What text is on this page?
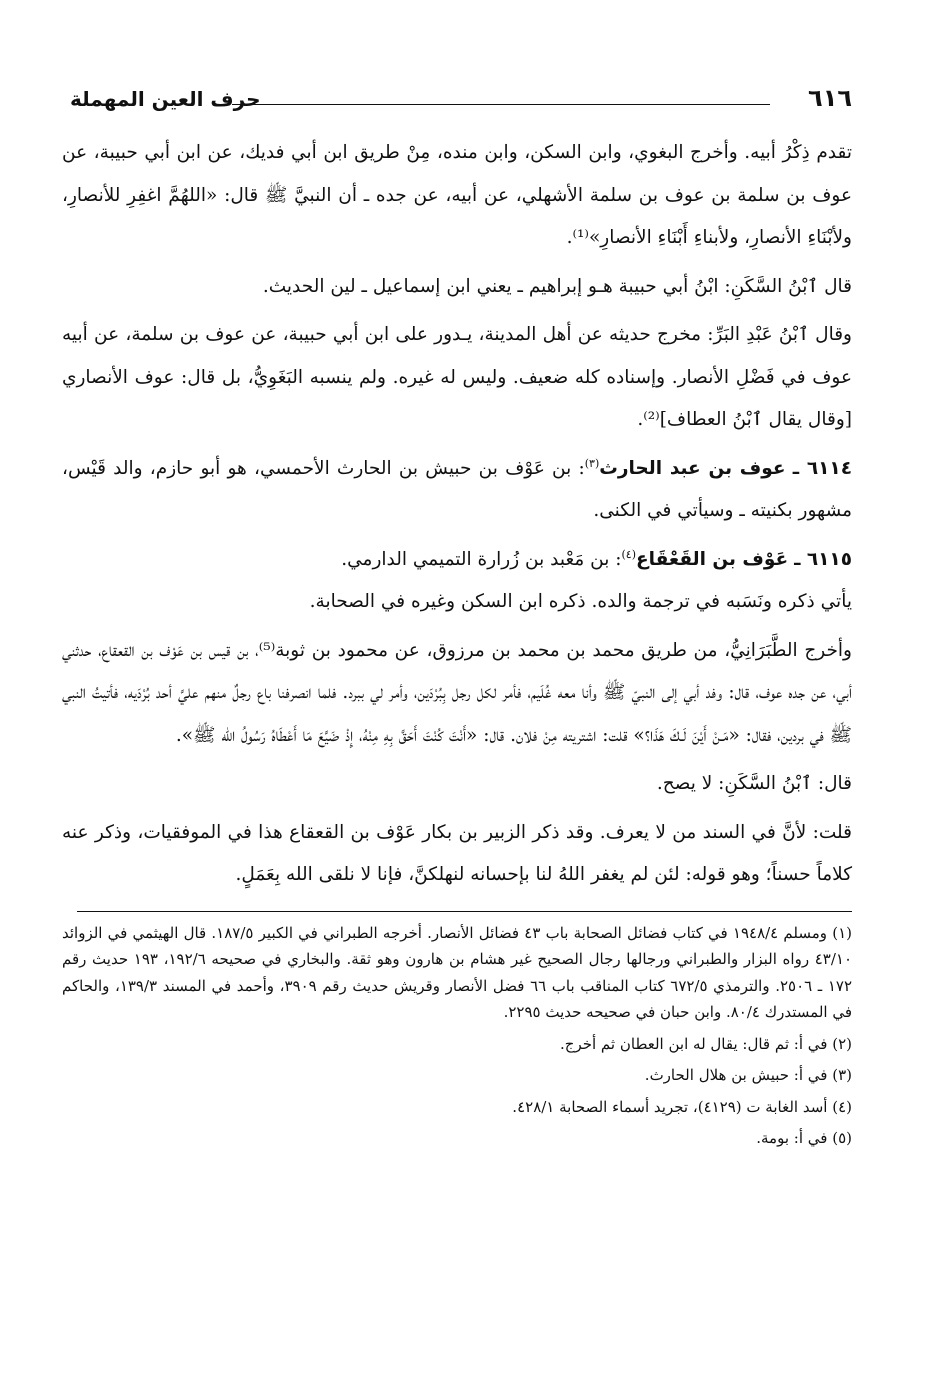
٦١٦
حرف العين المهملة

تقدم ذِكْرُ أبيه. وأخرج البغوي، وابن السكن، وابن منده، مِنْ طريق ابن أبي فديك، عن ابن أبي حبيبة، عن عوف بن سلمة بن عوف بن سلمة الأشهلي، عن أبيه، عن جده ـ أن النبيَّ ﷺ قال: «اللهُمَّ اغفِرِ للأنصارِ، ولأبْنَاءِ الأنصارِ، ولأبناءِ أَبْنَاءِ الأنصارِ»⁽¹⁾.

قال ٱبْنُ السَّكَنِ: ابْنُ أبي حبيبة هـو إبراهيم ـ يعني ابن إسماعيل ـ لين الحديث.

وقال ٱبْنُ عَبْدِ البَرِّ: مخرج حديثه عن أهل المدينة، يـدور على ابن أبي حبيبة، عن عوف بن سلمة، عن أبيه عوف في فَضْلِ الأنصار. وإسناده كله ضعيف. وليس له غيره. ولم ينسبه البَغَوِيُّ، بل قال: عوف الأنصاري [وقال يقال ٱبْنُ العطاف]⁽²⁾.

٦١١٤ ـ عوف بن عبد الحارث$^{(٣)}$: بن عَوْف بن حبيش بن الحارث الأحمسي، هو أبو حازم، والد قَيْس، مشهور بكنيته ـ وسيأتي في الكنى.

٦١١٥ ـ عَوْف بن القَعْقَاع$^{(٤)}$: بن مَعْبد بن زُرارة التميمي الدارمي.

يأتي ذكره ونَسَبه في ترجمة والده. ذكره ابن السكن وغيره في الصحابة.

وأخرج الطَّبَرَانِيُّ، من طريق محمد بن محمد بن مرزوق، عن محمود بن ثوبة⁽⁵⁾، بن قيس بن عَوْف بن القعقاع، حدثني أبي، عن جده عوف، قال: وفد أبي إلى النبيّ ﷺ وأنا معه غُلَيم، فأمر لكل رجل بِبُرْدَين، وأمر لي ببرد. فلما انصرفنا باع رجلٌ منهم عليَّ أحد بُرْدَيه، فأتيتُ النبي ﷺ في بردين، فقال: «مَـنْ أَيْنَ لَـكَ هَذَا؟» قلت: اشتريته مِنْ فلان. قال: «أَنْتَ كُنْتَ أَحَقَّ بِهِ مِنْهُ، إِذْ ضَيَّعَ مَا أَعْطَاهُ رَسُولُ الله ﷺ».

قال: ٱبْنُ السَّكَنِ: لا يصح.

قلت: لأنَّ في السند من لا يعرف. وقد ذكر الزبير بن بكار عَوْف بن القعقاع هذا في الموفقيات، وذكر عنه كلاماً حسناً؛ وهو قوله: لئن لم يغفر اللهُ لنا بإحسانه لنهلكنَّ، فإنا لا نلقى الله بِعَمَلٍ.

(١) ومسلم ١٩٤٨/٤ في كتاب فضائل الصحابة باب ٤٣ فضائل الأنصار. أخرجه الطبراني في الكبير ١٨٧/٥. قال الهيثمي في الزوائد ٤٣/١٠ رواه البزار والطبراني ورجالها رجال الصحيح غير هشام بن هارون وهو ثقة. والبخاري في صحيحه ١٩٢/٦، ١٩٣ حديث رقم ١٧٢ ـ ٢٥٠٦. والترمذي ٦٧٢/٥ كتاب المناقب باب ٦٦ فضل الأنصار وقريش حديث رقم ٣٩٠٩، وأحمد في المسند ١٣٩/٣، والحاكم في المستدرك ٨٠/٤. وابن حبان في صحيحه حديث ٢٢٩٥.

(٢) في أ: ثم قال: يقال له ابن العطان ثم أخرج.

(٣) في أ: حبيش بن هلال الحارث.

(٤) أسد الغابة ت (٤١٢٩)، تجريد أسماء الصحابة ٤٢٨/١.

(٥) في أ: بومة.
